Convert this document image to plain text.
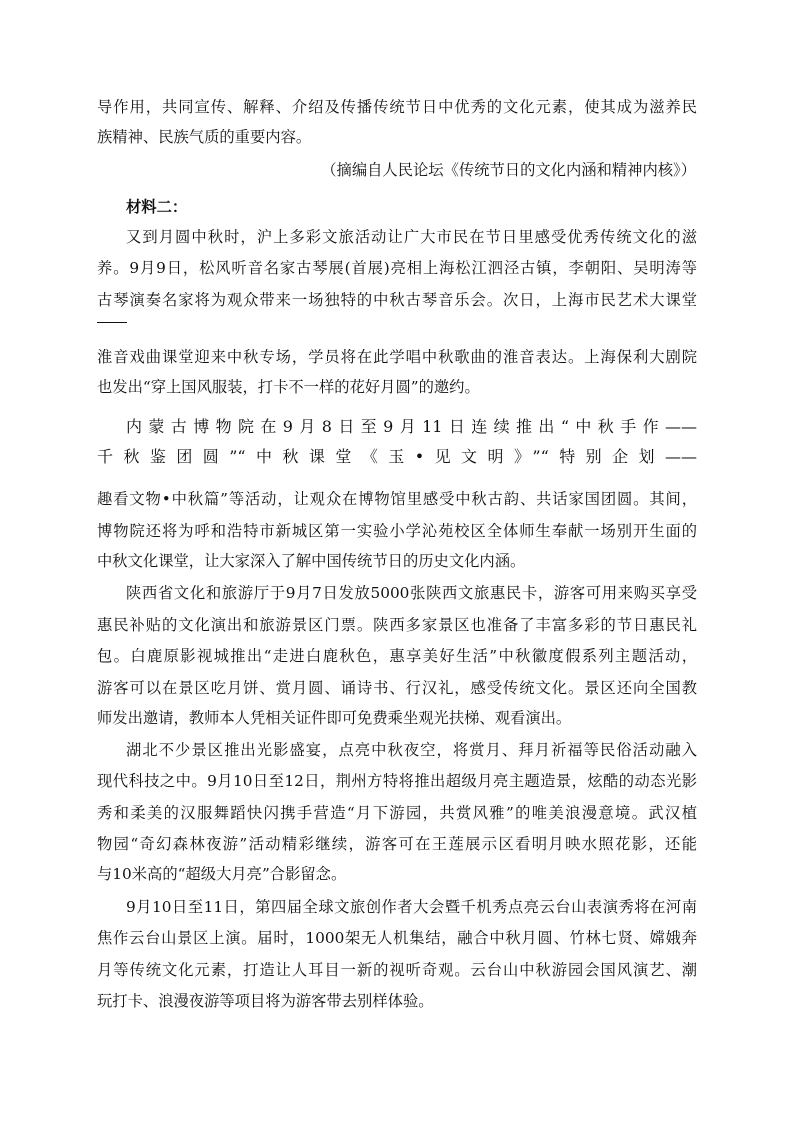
导作用，共同宣传、解释、介绍及传播传统节日中优秀的文化元素，使其成为滋养民
族精神、民族气质的重要内容。
（摘编自人民论坛《传统节日的文化内涵和精神内核》）
材料二：
又到月圆中秋时，沪上多彩文旅活动让广大市民在节日里感受优秀传统文化的滋
养。9月9日，松风听音名家古琴展(首展)亮相上海松江泗泾古镇，李朝阳、吴明涛等
古琴演奏名家将为观众带来一场独特的中秋古琴音乐会。次日，上海市民艺术大课堂
淮音戏曲课堂迎来中秋专场，学员将在此学唱中秋歌曲的淮音表达。上海保利大剧院
也发出“穿上国风服装，打卡不一样的花好月圆”的邀约。
内蒙古博物院在9月8日至9月11日连续推出“中秋手作——
千秋鉴团圆”“中秋课堂《玉•见文明》”“特别企划——
趣看文物•中秋篇”等活动，让观众在博物馆里感受中秋古韵、共话家国团圆。其间，
博物院还将为呼和浩特市新城区第一实验小学沁苑校区全体师生奉献一场别开生面的
中秋文化课堂，让大家深入了解中国传统节日的历史文化内涵。
陕西省文化和旅游厅于9月7日发放5000张陕西文旅惠民卡，游客可用来购买享受
惠民补贴的文化演出和旅游景区门票。陕西多家景区也准备了丰富多彩的节日惠民礼
包。白鹿原影视城推出“走进白鹿秋色，惠享美好生活”中秋徽度假系列主题活动，
游客可以在景区吃月饼、赏月圆、诵诗书、行汉礼，感受传统文化。景区还向全国教
师发出邀请，教师本人凭相关证件即可免费乘坐观光扶梯、观看演出。
湖北不少景区推出光影盛宴，点亮中秋夜空，将赏月、拜月祈福等民俗活动融入
现代科技之中。9月10日至12日，荆州方特将推出超级月亮主题造景，炫酷的动态光影
秀和柔美的汉服舞蹈快闪携手营造“月下游园，共赏风雅”的唯美浪漫意境。武汉植
物园“奇幻森林夜游”活动精彩继续，游客可在王莲展示区看明月映水照花影，还能
与10米高的“超级大月亮”合影留念。
9月10日至11日，第四届全球文旅创作者大会暨千机秀点亮云台山表演秀将在河南
焦作云台山景区上演。届时，1000架无人机集结，融合中秋月圆、竹林七贤、嫦娥奔
月等传统文化元素，打造让人耳目一新的视听奇观。云台山中秋游园会国风演艺、潮
玩打卡、浪漫夜游等项目将为游客带去别样体验。
